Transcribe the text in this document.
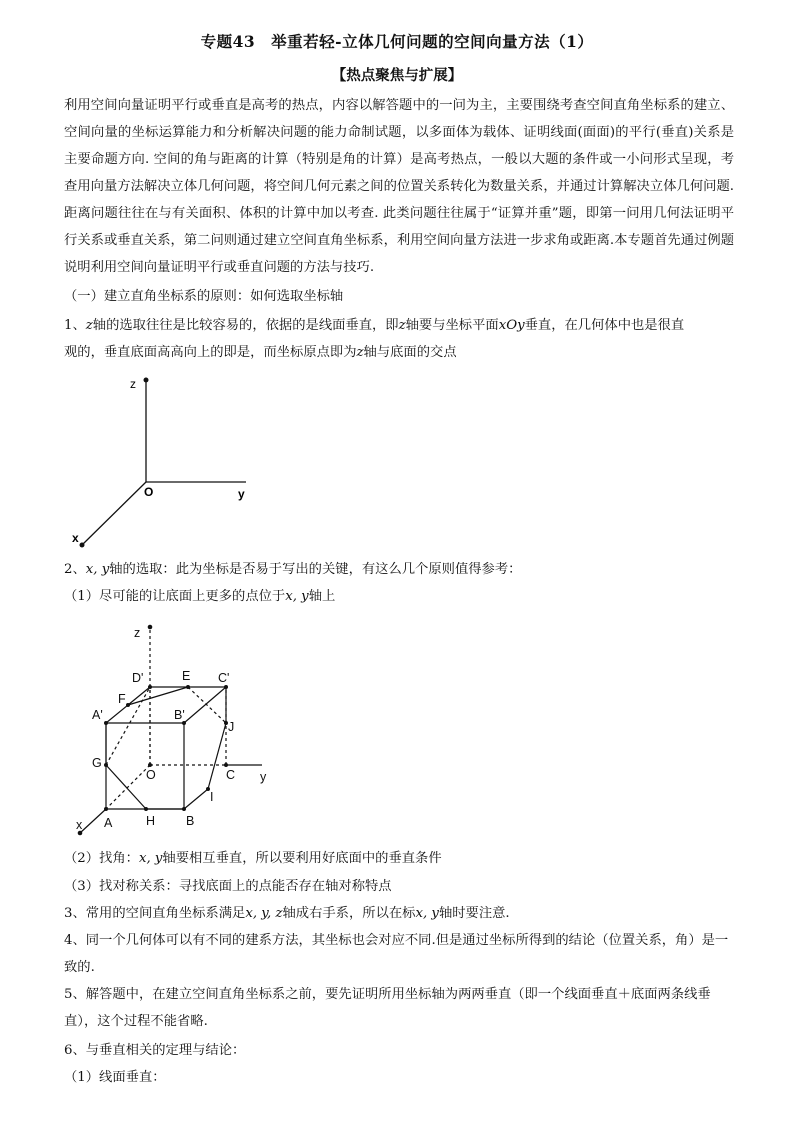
专题43　举重若轻-立体几何问题的空间向量方法（1）
【热点聚焦与扩展】
利用空间向量证明平行或垂直是高考的热点，内容以解答题中的一问为主，主要围绕考查空间直角坐标系的建立、空间向量的坐标运算能力和分析解决问题的能力命制试题，以多面体为载体、证明线面(面面)的平行(垂直)关系是主要命题方向. 空间的角与距离的计算（特别是角的计算）是高考热点，一般以大题的条件或一小问形式呈现，考查用向量方法解决立体几何问题，将空间几何元素之间的位置关系转化为数量关系，并通过计算解决立体几何问题. 距离问题往往在与有关面积、体积的计算中加以考查. 此类问题往往属于“证算并重”题，即第一问用几何法证明平行关系或垂直关系，第二问则通过建立空间直角坐标系，利用空间向量方法进一步求角或距离.本专题首先通过例题说明利用空间向量证明平行或垂直问题的方法与技巧.
（一）建立直角坐标系的原则：如何选取坐标轴
1、z轴的选取往往是比较容易的，依据的是线面垂直，即z轴要与坐标平面xOy垂直，在几何体中也是很直
观的，垂直底面高高向上的即是，而坐标原点即为z轴与底面的交点
z
O	y
x
2、x, y轴的选取：此为坐标是否易于写出的关键，有这么几个原则值得参考：
（1）尽可能的让底面上更多的点位于x, y轴上
z
D'	E C'
F
A'	B'
J
G
O	C y
I
x A	H B
（2）找角：x, y轴要相互垂直，所以要利用好底面中的垂直条件
（3）找对称关系：寻找底面上的点能否存在轴对称特点
3、常用的空间直角坐标系满足x, y, z轴成右手系，所以在标x, y轴时要注意.
4、同一个几何体可以有不同的建系方法，其坐标也会对应不同.但是通过坐标所得到的结论（位置关系，角）是一致的.
5、解答题中，在建立空间直角坐标系之前，要先证明所用坐标轴为两两垂直（即一个线面垂直＋底面两条线垂直），这个过程不能省略.
6、与垂直相关的定理与结论：
（1）线面垂直：
